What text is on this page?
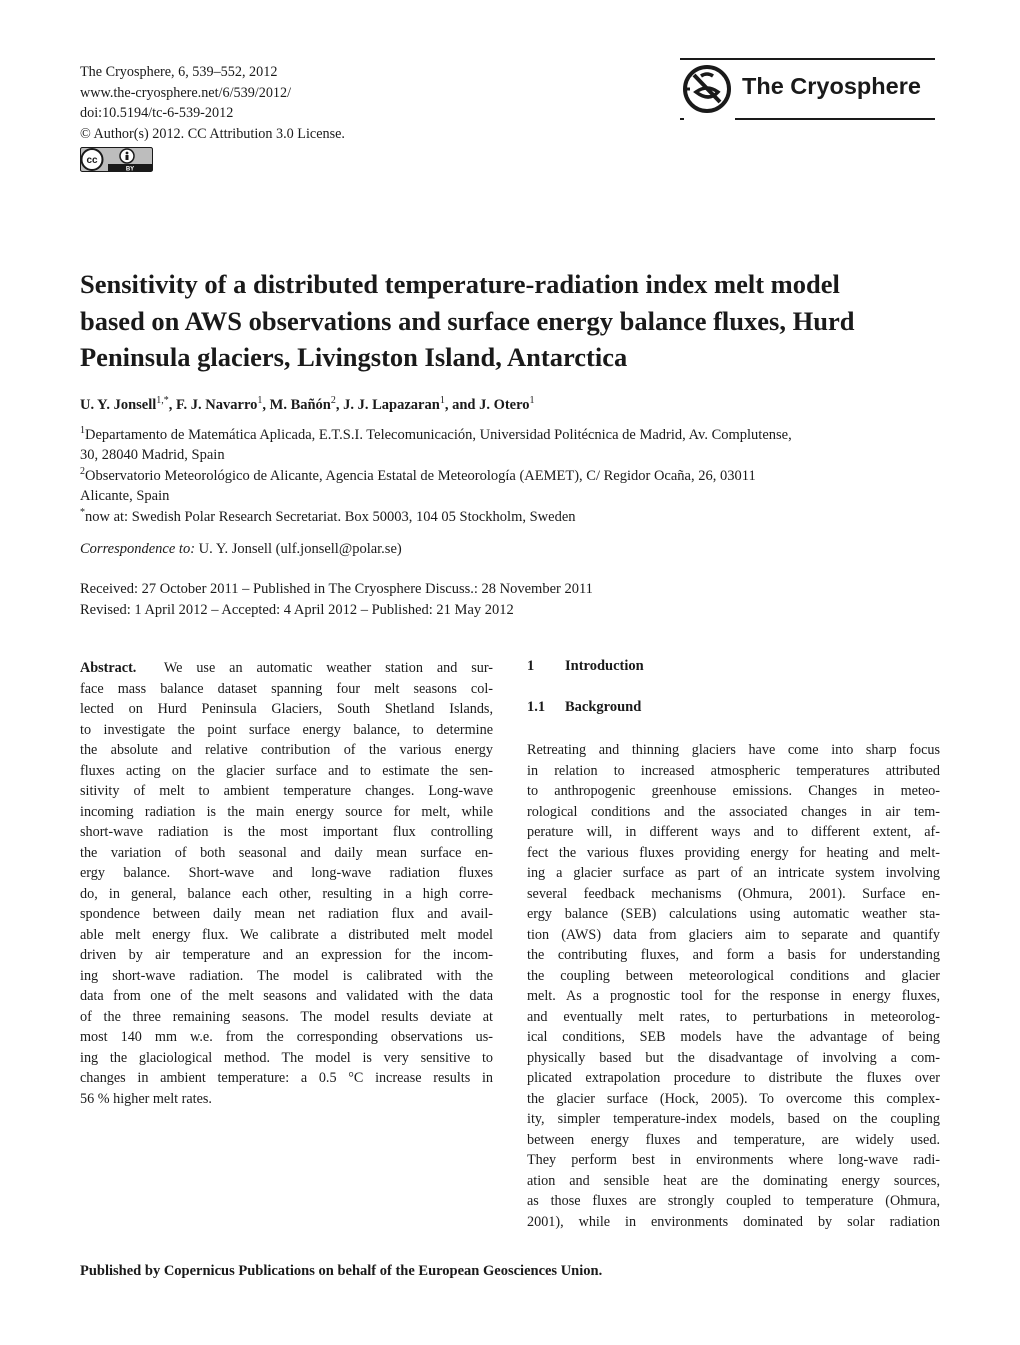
The Cryosphere, 6, 539–552, 2012
www.the-cryosphere.net/6/539/2012/
doi:10.5194/tc-6-539-2012
© Author(s) 2012. CC Attribution 3.0 License.
cc
BY
The Cryosphere
Sensitivity of a distributed temperature-radiation index melt model
based on AWS observations and surface energy balance fluxes, Hurd
Peninsula glaciers, Livingston Island, Antarctica
U. Y. Jonsell$^{1,*}$, F. J. Navarro$^1$, M. Bañón$^2$, J. J. Lapazaran$^1$, and J. Otero$^1$
$^1$Departamento de Matemática Aplicada, E.T.S.I. Telecomunicación, Universidad Politécnica de Madrid, Av. Complutense,
30, 28040 Madrid, Spain
$^2$Observatorio Meteorológico de Alicante, Agencia Estatal de Meteorología (AEMET), C/ Regidor Ocaña, 26, 03011
Alicante, Spain
*now at: Swedish Polar Research Secretariat. Box 50003, 104 05 Stockholm, Sweden
Correspondence to: U. Y. Jonsell (ulf.jonsell@polar.se)
Received: 27 October 2011 – Published in The Cryosphere Discuss.: 28 November 2011
Revised: 1 April 2012 – Accepted: 4 April 2012 – Published: 21 May 2012
Abstract. We use an automatic weather station and sur-
face mass balance dataset spanning four melt seasons col-
lected on Hurd Peninsula Glaciers, South Shetland Islands,
to investigate the point surface energy balance, to determine
the absolute and relative contribution of the various energy
fluxes acting on the glacier surface and to estimate the sen-
sitivity of melt to ambient temperature changes. Long-wave
incoming radiation is the main energy source for melt, while
short-wave radiation is the most important flux controlling
the variation of both seasonal and daily mean surface en-
ergy balance. Short-wave and long-wave radiation fluxes
do, in general, balance each other, resulting in a high corre-
spondence between daily mean net radiation flux and avail-
able melt energy flux. We calibrate a distributed melt model
driven by air temperature and an expression for the incom-
ing short-wave radiation. The model is calibrated with the
data from one of the melt seasons and validated with the data
of the three remaining seasons. The model results deviate at
most 140 mm w.e. from the corresponding observations us-
ing the glaciological method. The model is very sensitive to
changes in ambient temperature: a 0.5 °C increase results in
56 % higher melt rates.
1 Introduction
1.1 Background
Retreating and thinning glaciers have come into sharp focus
in relation to increased atmospheric temperatures attributed
to anthropogenic greenhouse emissions. Changes in meteo-
rological conditions and the associated changes in air tem-
perature will, in different ways and to different extent, af-
fect the various fluxes providing energy for heating and melt-
ing a glacier surface as part of an intricate system involving
several feedback mechanisms (Ohmura, 2001). Surface en-
ergy balance (SEB) calculations using automatic weather sta-
tion (AWS) data from glaciers aim to separate and quantify
the contributing fluxes, and form a basis for understanding
the coupling between meteorological conditions and glacier
melt. As a prognostic tool for the response in energy fluxes,
and eventually melt rates, to perturbations in meteorolog-
ical conditions, SEB models have the advantage of being
physically based but the disadvantage of involving a com-
plicated extrapolation procedure to distribute the fluxes over
the glacier surface (Hock, 2005). To overcome this complex-
ity, simpler temperature-index models, based on the coupling
between energy fluxes and temperature, are widely used.
They perform best in environments where long-wave radi-
ation and sensible heat are the dominating energy sources,
as those fluxes are strongly coupled to temperature (Ohmura,
2001), while in environments dominated by solar radiation
Published by Copernicus Publications on behalf of the European Geosciences Union.
